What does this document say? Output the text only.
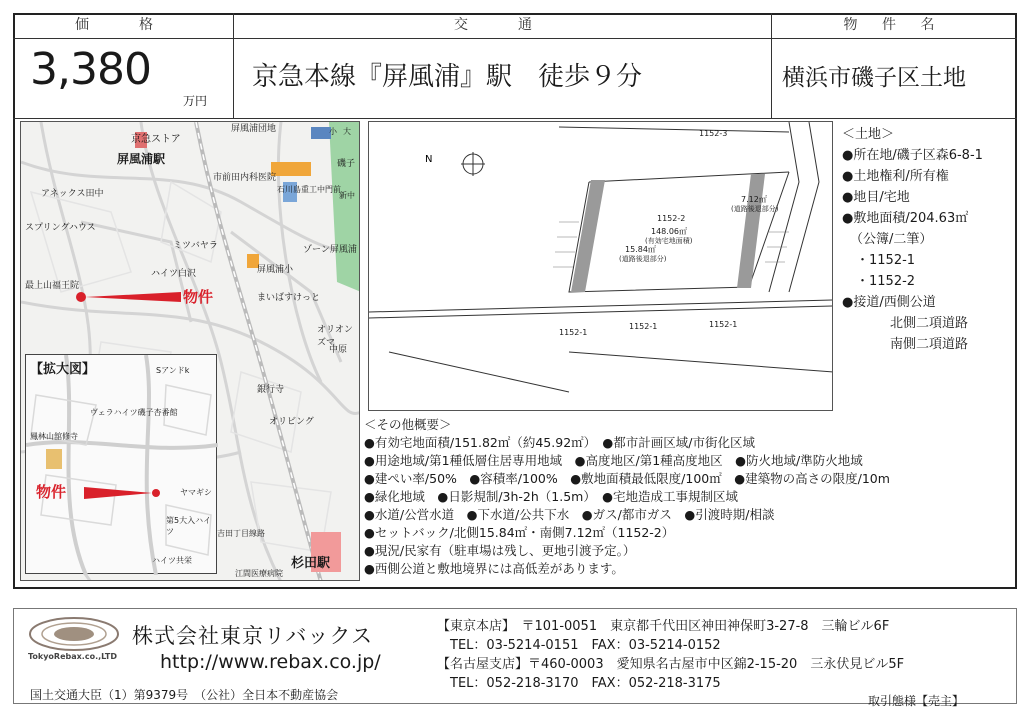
価　格	交　通	物 件 名
3,380
万円
京急本線『屏風浦』駅　徒歩９分	横浜市磯子区土地
京急ストア
屏風浦団地
屏風浦駅
アネックス田中
スプリングハウス
最上山福王院
屏風浦小
まいばすけっと
オリオンズマ
中原
市前田内科医院
石川島重工中門前
ゾーン屏風浦
ハイツ白沢
ミツバヤラ
オリビング
銀行寺
小 大
磯子
新中
吉田丁目線路
江間医療病院
物件
杉田駅
【拡大図】
物件
ヴェラハイツ磯子杏番館
鳳林山舘修寺
Sアンドk
ヤマギシ
第5大入ハイツ
ハイツ共栄
N
1152-3
1152-2
148.06㎡
(有効宅地面積)
15.84㎡
(道路後退部分)
7.12㎡
(道路後退部分)
1152-1
1152-1	1152-1
＜土地＞
●所在地/磯子区森6-8-1
●土地権利/所有権
●地目/宅地
●敷地面積/204.63㎡
（公簿/二筆）
・1152-1
・1152-2
●接道/西側公道
北側二項道路
南側二項道路
＜その他概要＞
●有効宅地面積/151.82㎡（約45.92㎡）　●都市計画区域/市街化区域
●用途地域/第1種低層住居専用地域　●高度地区/第1種高度地区　●防火地域/準防火地域
●建ぺい率/50%　●容積率/100%　●敷地面積最低限度/100㎡　●建築物の高さの限度/10m
●緑化地域　●日影規制/3h-2h（1.5m）　●宅地造成工事規制区域
●水道/公営水道　●下水道/公共下水　●ガス/都市ガス　●引渡時期/相談
●セットバック/北側15.84㎡・南側7.12㎡（1152-2）
●現況/民家有（駐車場は残し、更地引渡予定。）
●西側公道と敷地境界には高低差があります。
TokyoRebax.co.,LTD
株式会社東京リバックス
http://www.rebax.co.jp/
国土交通大臣（1）第9379号　（公社）全日本不動産協会
【東京本店】　〒101-0051　東京都千代田区神田神保町3-27-8　三輪ビル6F
　TEL：03-5214-0151　FAX：03-5214-0152
【名古屋支店】〒460-0003　愛知県名古屋市中区錦2-15-20　三永伏見ビル5F
　TEL：052-218-3170　FAX：052-218-3175
取引態様【売主】
